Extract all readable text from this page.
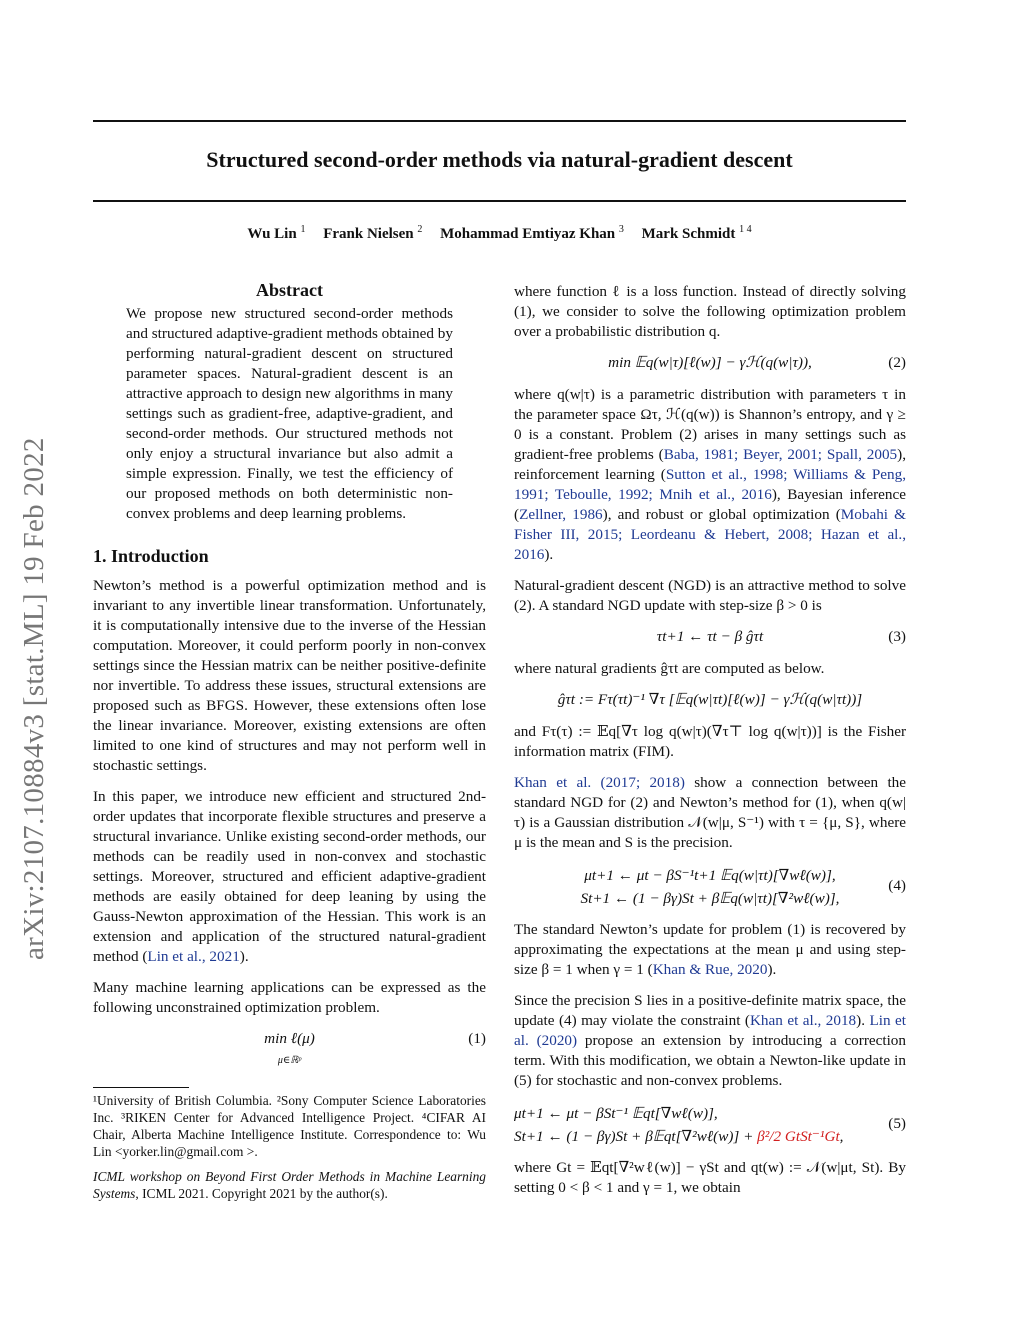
arXiv:2107.10884v3 [stat.ML] 19 Feb 2022
Structured second-order methods via natural-gradient descent
Wu Lin $^1$ Frank Nielsen $^2$ Mohammad Emtiyaz Khan $^3$ Mark Schmidt $^{1 4}$
Abstract
We propose new structured second-order methods and structured adaptive-gradient methods obtained by performing natural-gradient descent on structured parameter spaces. Natural-gradient descent is an attractive approach to design new algorithms in many settings such as gradient-free, adaptive-gradient, and second-order methods. Our structured methods not only enjoy a structural invariance but also admit a simple expression. Finally, we test the efficiency of our proposed methods on both deterministic non-convex problems and deep learning problems.
1. Introduction

Newton’s method is a powerful optimization method and is invariant to any invertible linear transformation. Unfortunately, it is computationally intensive due to the inverse of the Hessian computation. Moreover, it could perform poorly in non-convex settings since the Hessian matrix can be neither positive-definite nor invertible. To address these issues, structural extensions are proposed such as BFGS. However, these extensions often lose the linear invariance. Moreover, existing extensions are often limited to one kind of structures and may not perform well in stochastic settings.

In this paper, we introduce new efficient and structured 2nd-order updates that incorporate flexible structures and preserve a structural invariance. Unlike existing second-order methods, our methods can be readily used in non-convex and stochastic settings. Moreover, structured and efficient adaptive-gradient methods are easily obtained for deep leaning by using the Gauss-Newton approximation of the Hessian. This work is an extension and application of the structured natural-gradient method (Lin et al., 2021).

Many machine learning applications can be expressed as the following unconstrained optimization problem.

min ℓ(μ)
μ∈ℝᵖ
(1)
¹University of British Columbia. ²Sony Computer Science Laboratories Inc. ³RIKEN Center for Advanced Intelligence Project. ⁴CIFAR AI Chair, Alberta Machine Intelligence Institute. Correspondence to: Wu Lin <yorker.lin@gmail.com >.
ICML workshop on Beyond First Order Methods in Machine Learning Systems, ICML 2021. Copyright 2021 by the author(s).

where function ℓ is a loss function. Instead of directly solving (1), we consider to solve the following optimization problem over a probabilistic distribution q.

min 𝔼q(w|τ)[ℓ(w)] − γℋ(q(w|τ)),	(2)

where q(w|τ) is a parametric distribution with parameters τ in the parameter space Ωτ, ℋ(q(w)) is Shannon’s entropy, and γ ≥ 0 is a constant. Problem (2) arises in many settings such as gradient-free problems (Baba, 1981; Beyer, 2001; Spall, 2005), reinforcement learning (Sutton et al., 1998; Williams & Peng, 1991; Teboulle, 1992; Mnih et al., 2016), Bayesian inference (Zellner, 1986), and robust or global optimization (Mobahi & Fisher III, 2015; Leordeanu & Hebert, 2008; Hazan et al., 2016).

Natural-gradient descent (NGD) is an attractive method to solve (2). A standard NGD update with step-size β > 0 is

τt+1 ← τt − β ĝτt	(3)

where natural gradients ĝτt are computed as below.

ĝτt := Fτ(τt)⁻¹ ∇τ [𝔼q(w|τt)[ℓ(w)] − γℋ(q(w|τt))]

and Fτ(τ) := 𝔼q[∇τ log q(w|τ)(∇τ⊤ log q(w|τ))] is the Fisher information matrix (FIM).

Khan et al. (2017; 2018) show a connection between the standard NGD for (2) and Newton’s method for (1), when q(w|τ) is a Gaussian distribution 𝒩(w|μ, S⁻¹) with τ = {μ, S}, where μ is the mean and S is the precision.

μt+1 ← μt − βS⁻¹t+1 𝔼q(w|τt)[∇wℓ(w)],
St+1 ← (1 − βγ)St + β𝔼q(w|τt)[∇²wℓ(w)],
(4)

The standard Newton’s update for problem (1) is recovered by approximating the expectations at the mean μ and using step-size β = 1 when γ = 1 (Khan & Rue, 2020).

Since the precision S lies in a positive-definite matrix space, the update (4) may violate the constraint (Khan et al., 2018). Lin et al. (2020) propose an extension by introducing a correction term. With this modification, we obtain a Newton-like update in (5) for stochastic and non-convex problems.

μt+1 ← μt − βSt⁻¹ 𝔼qt[∇wℓ(w)],
St+1 ← (1 − βγ)St + β𝔼qt[∇²wℓ(w)] + β²/2 GtSt⁻¹Gt,
(5)

where Gt = 𝔼qt[∇²wℓ(w)] − γSt and qt(w) := 𝒩(w|μt, St). By setting 0 < β < 1 and γ = 1, we obtain
